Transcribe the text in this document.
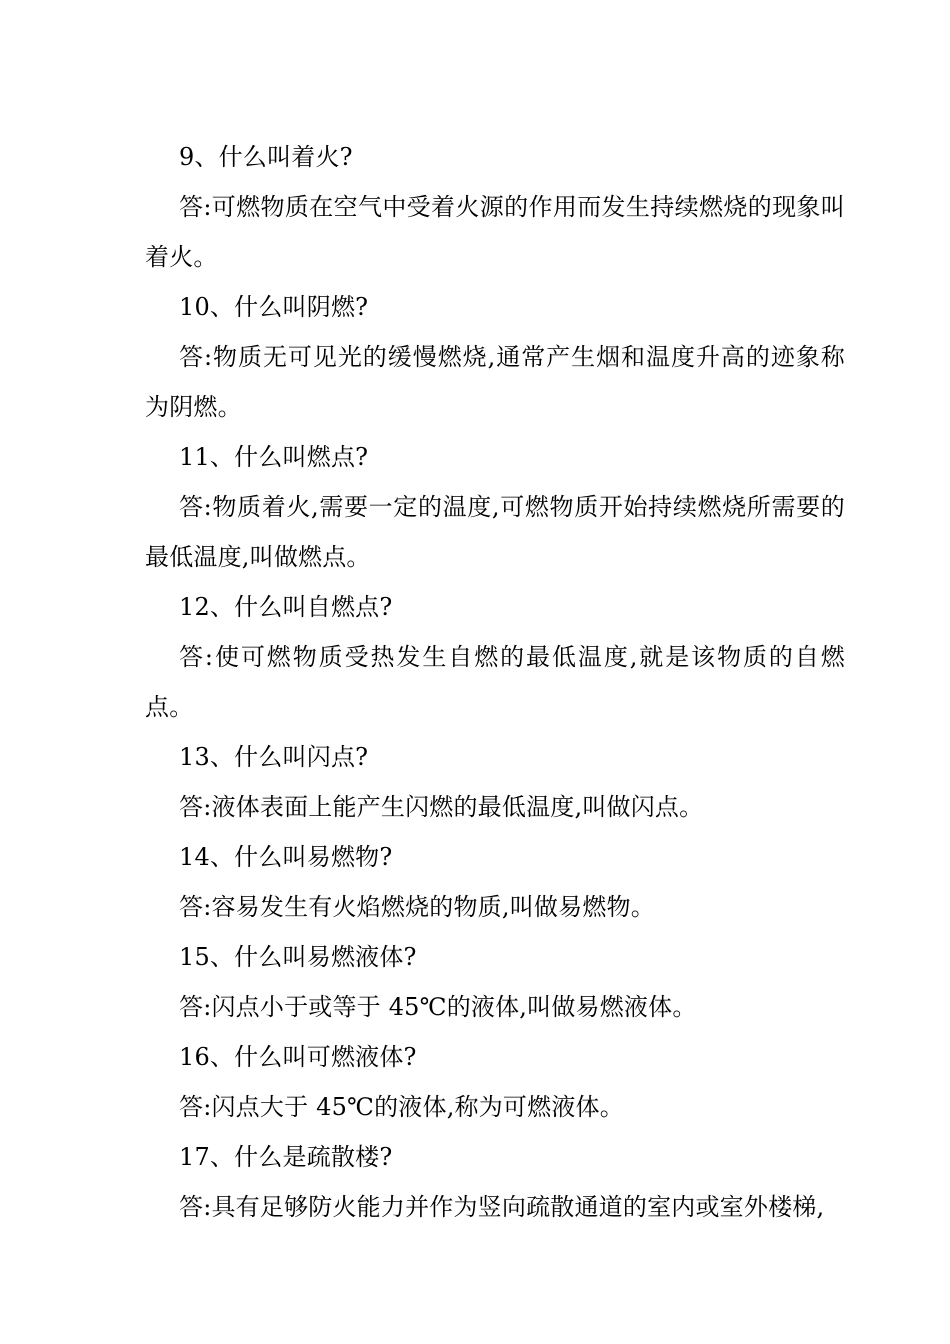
9、什么叫着火?

答:可燃物质在空气中受着火源的作用而发生持续燃烧的现象叫着火。

10、什么叫阴燃?

答:物质无可见光的缓慢燃烧,通常产生烟和温度升高的迹象称为阴燃。

11、什么叫燃点?

答:物质着火,需要一定的温度,可燃物质开始持续燃烧所需要的最低温度,叫做燃点。

12、什么叫自燃点?

答:使可燃物质受热发生自燃的最低温度,就是该物质的自燃点。

13、什么叫闪点?

答:液体表面上能产生闪燃的最低温度,叫做闪点。

14、什么叫易燃物?

答:容易发生有火焰燃烧的物质,叫做易燃物。

15、什么叫易燃液体?

答:闪点小于或等于 45℃的液体,叫做易燃液体。

16、什么叫可燃液体?

答:闪点大于 45℃的液体,称为可燃液体。

17、什么是疏散楼?

答:具有足够防火能力并作为竖向疏散通道的室内或室外楼梯,
